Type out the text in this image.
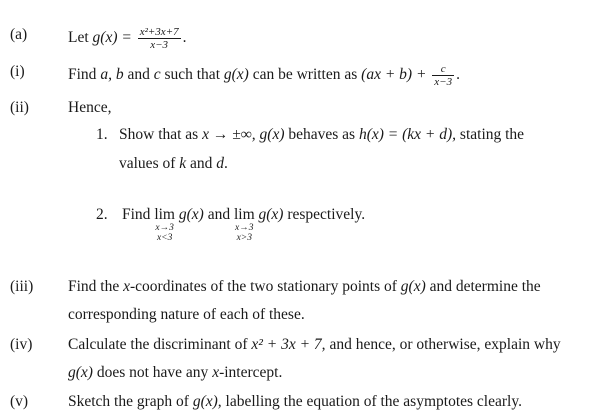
(a)	Let $g(x) = \frac{\text{x²+3x+7}}{x-3}$ .
(i)	Find a, b and c such that g(x) can be written as $(ax + b) + \frac{c}{x-3}$ .
(ii)	Hence,
1. Show that as x → ±∞, g(x) behaves as h(x) = (kx + d), stating the
values of k and d.
2. Find lim
x→3
x<3
g(x) and lim
x→3
x>3
g(x) respectively.
(iii) Find the x-coordinates of the two stationary points of g(x) and determine the
corresponding nature of each of these.
(iv) Calculate the discriminant of x² + 3x + 7, and hence, or otherwise, explain why
g(x) does not have any x-intercept.
(v)	Sketch the graph of g(x), labelling the equation of the asymptotes clearly.
